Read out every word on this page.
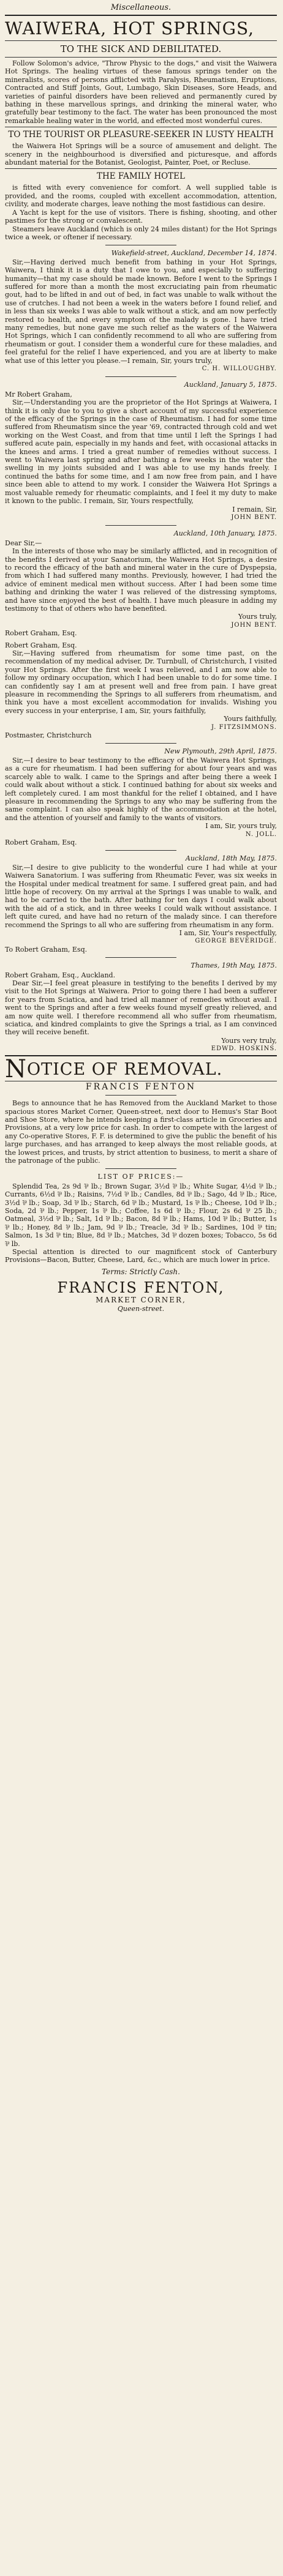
Miscellaneous.
WAIWERA, HOT SPRINGS,
TO THE SICK AND DEBILITATED.

Follow Solomon's advice, "Throw Physic to the dogs," and visit the Waiwera Hot Springs. The healing virtues of these famous springs tender on the mineralists, scores of persons afflicted with Paralysis, Rheumatism, Eruptions, Contracted and Stiff Joints, Gout, Lumbago, Skin Diseases, Sore Heads, and varieties of painful disorders have been relieved and permanently cured by bathing in these marvellous springs, and drinking the mineral water, who gratefully bear testimony to the fact. The water has been pronounced the most remarkable healing water in the world, and effected most wonderful cures.

TO THE TOURIST OR PLEASURE-SEEKER IN LUSTY HEALTH

the Waiwera Hot Springs will be a source of amusement and delight. The scenery in the neighbourhood is diversified and picturesque, and affords abundant material for the Botanist, Geologist, Painter, Poet, or Recluse.

THE FAMILY HOTEL

is fitted with every convenience for comfort. A well supplied table is provided, and the rooms, coupled with excellent accommodation, attention, civility, and moderate charges, leave nothing the most fastidious can desire.

A Yacht is kept for the use of visitors. There is fishing, shooting, and other pastimes for the strong or convalescent.

Steamers leave Auckland (which is only 24 miles distant) for the Hot Springs twice a week, or oftener if necessary.

Wakefield-street, Auckland, December 14, 1874.

Sir,—Having derived much benefit from bathing in your Hot Springs, Waiwera, I think it is a duty that I owe to you, and especially to suffering humanity—that my case should be made known. Before I went to the Springs I suffered for more than a month the most excruciating pain from rheumatic gout, had to be lifted in and out of bed, in fact was unable to walk without the use of crutches. I had not been a week in the waters before I found relief, and in less than six weeks I was able to walk without a stick, and am now perfectly restored to health, and every symptom of the malady is gone. I have tried many remedies, but none gave me such relief as the waters of the Waiwera Hot Springs, which I can confidently recommend to all who are suffering from rheumatism or gout. I consider them a wonderful cure for these maladies, and feel grateful for the relief I have experienced, and you are at liberty to make what use of this letter you please.—I remain, Sir, yours truly,

C. H. WILLOUGHBY.
Auckland, January 5, 1875.

Mr Robert Graham,

Sir,—Understanding you are the proprietor of the Hot Springs at Waiwera, I think it is only due to you to give a short account of my successful experience of the efficacy of the Springs in the case of Rheumatism. I had for some time suffered from Rheumatism since the year '69, contracted through cold and wet working on the West Coast, and from that time until I left the Springs I had suffered acute pain, especially in my hands and feet, with occasional attacks in the knees and arms. I tried a great number of remedies without success. I went to Waiwera last spring and after bathing a few weeks in the water the swelling in my joints subsided and I was able to use my hands freely. I continued the baths for some time, and I am now free from pain, and I have since been able to attend to my work. I consider the Waiwera Hot Springs a most valuable remedy for rheumatic complaints, and I feel it my duty to make it known to the public. I remain, Sir, Yours respectfully,

I remain, Sir,
JOHN BENT.
Auckland, 10th January, 1875.

Dear Sir,—

In the interests of those who may be similarly afflicted, and in recognition of the benefits I derived at your Sanatorium, the Waiwera Hot Springs, a desire to record the efficacy of the bath and mineral water in the cure of Dyspepsia, from which I had suffered many months. Previously, however, I had tried the advice of eminent medical men without success. After I had been some time bathing and drinking the water I was relieved of the distressing symptoms, and have since enjoyed the best of health. I have much pleasure in adding my testimony to that of others who have benefited.

Yours truly,
JOHN BENT.

Robert Graham, Esq.

Robert Graham, Esq.

Sir,—Having suffered from rheumatism for some time past, on the recommendation of my medical adviser, Dr. Turnbull, of Christchurch, I visited your Hot Springs. After the first week I was relieved, and I am now able to follow my ordinary occupation, which I had been unable to do for some time. I can confidently say I am at present well and free from pain. I have great pleasure in recommending the Springs to all sufferers from rheumatism, and think you have a most excellent accommodation for invalids. Wishing you every success in your enterprise, I am, Sir, yours faithfully,

Yours faithfully,
J. FITZSIMMONS.

Postmaster, Christchurch

New Plymouth, 29th April, 1875.

Sir,—I desire to bear testimony to the efficacy of the Waiwera Hot Springs, as a cure for rheumatism. I had been suffering for about four years and was scarcely able to walk. I came to the Springs and after being there a week I could walk about without a stick. I continued bathing for about six weeks and left completely cured. I am most thankful for the relief I obtained, and I have pleasure in recommending the Springs to any who may be suffering from the same complaint. I can also speak highly of the accommodation at the hotel, and the attention of yourself and family to the wants of visitors.

I am, Sir, yours truly,
N. JOLL.

Robert Graham, Esq.

Auckland, 18th May, 1875.

Sir,—I desire to give publicity to the wonderful cure I had while at your Waiwera Sanatorium. I was suffering from Rheumatic Fever, was six weeks in the Hospital under medical treatment for same. I suffered great pain, and had little hope of recovery. On my arrival at the Springs I was unable to walk, and had to be carried to the bath. After bathing for ten days I could walk about with the aid of a stick, and in three weeks I could walk without assistance. I left quite cured, and have had no return of the malady since. I can therefore recommend the Springs to all who are suffering from rheumatism in any form.

I am, Sir, Your's respectfully,
GEORGE BEVERIDGE.

To Robert Graham, Esq.

Thames, 19th May, 1875.

Robert Graham, Esq., Auckland.

Dear Sir,—I feel great pleasure in testifying to the benefits I derived by my visit to the Hot Springs at Waiwera. Prior to going there I had been a sufferer for years from Sciatica, and had tried all manner of remedies without avail. I went to the Springs and after a few weeks found myself greatly relieved, and am now quite well. I therefore recommend all who suffer from rheumatism, sciatica, and kindred complaints to give the Springs a trial, as I am convinced they will receive benefit.

Yours very truly,
EDWD. HOSKINS.
NOTICE OF REMOVAL.
FRANCIS FENTON

Begs to announce that he has Removed from the Auckland Market to those spacious stores Market Corner, Queen-street, next door to Hemus's Star Boot and Shoe Store, where he intends keeping a first-class article in Groceries and Provisions, at a very low price for cash. In order to compete with the largest of any Co-operative Stores, F. F. is determined to give the public the benefit of his large purchases, and has arranged to keep always the most reliable goods, at the lowest prices, and trusts, by strict attention to business, to merit a share of the patronage of the public.

LIST OF PRICES:—

Splendid Tea, 2s 9d ⅌ lb.; Brown Sugar, 3½d ⅌ lb.; White Sugar, 4½d ⅌ lb.; Currants, 6½d ⅌ lb.; Raisins, 7½d ⅌ lb.; Candles, 8d ⅌ lb.; Sago, 4d ⅌ lb.; Rice, 3½d ⅌ lb.; Soap, 3d ⅌ lb.; Starch, 6d ⅌ lb.; Mustard, 1s ⅌ lb.; Cheese, 10d ⅌ lb.; Soda, 2d ⅌ lb.; Pepper, 1s ⅌ lb.; Coffee, 1s 6d ⅌ lb.; Flour, 2s 6d ⅌ 25 lb.; Oatmeal, 3½d ⅌ lb.; Salt, 1d ⅌ lb.; Bacon, 8d ⅌ lb.; Hams, 10d ⅌ lb.; Butter, 1s ⅌ lb.; Honey, 8d ⅌ lb.; Jam, 9d ⅌ lb.; Treacle, 3d ⅌ lb.; Sardines, 10d ⅌ tin; Salmon, 1s 3d ⅌ tin; Blue, 8d ⅌ lb.; Matches, 3d ⅌ dozen boxes; Tobacco, 5s 6d ⅌ lb.

Special attention is directed to our magnificent stock of Canterbury Provisions—Bacon, Butter, Cheese, Lard, &c., which are much lower in price.

Terms: Strictly Cash.
FRANCIS FENTON,
MARKET CORNER,
Queen-street.
